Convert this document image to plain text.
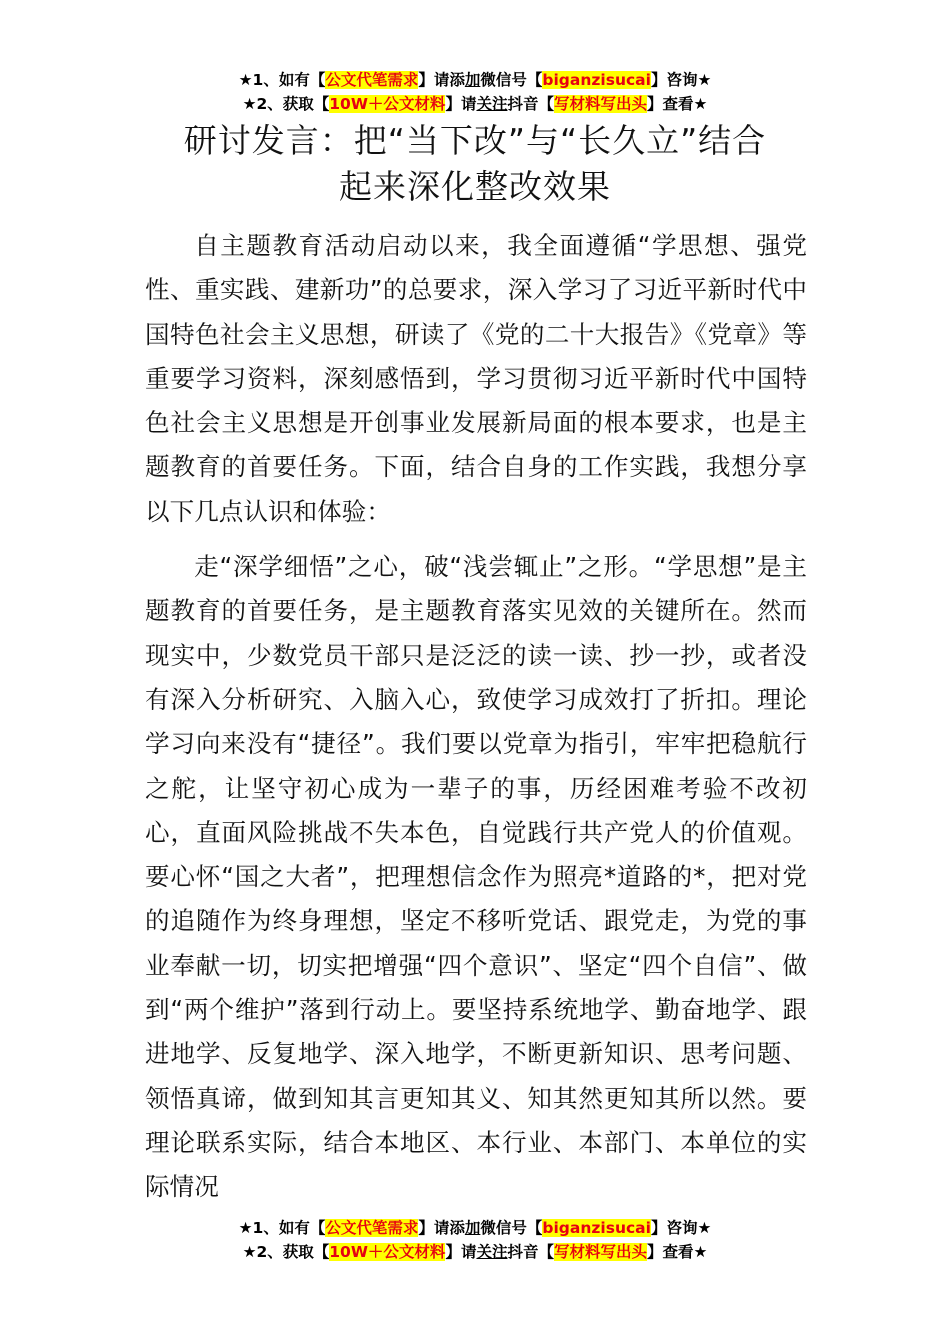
★1、如有【公文代笔需求】请添加微信号【biganzisucai】咨询★
★2、获取【10W＋公文材料】请关注抖音【写材料写出头】查看★
研讨发言：把“当下改”与“长久立”结合
起来深化整改效果

自主题教育活动启动以来，我全面遵循“学思想、强党性、重实践、建新功”的总要求，深入学习了习近平新时代中国特色社会主义思想，研读了《党的二十大报告》《党章》等重要学习资料，深刻感悟到，学习贯彻习近平新时代中国特色社会主义思想是开创事业发展新局面的根本要求，也是主题教育的首要任务。下面，结合自身的工作实践，我想分享以下几点认识和体验：

走“深学细悟”之心，破“浅尝辄止”之形。“学思想”是主题教育的首要任务，是主题教育落实见效的关键所在。然而现实中，少数党员干部只是泛泛的读一读、抄一抄，或者没有深入分析研究、入脑入心，致使学习成效打了折扣。理论学习向来没有“捷径”。我们要以党章为指引，牢牢把稳航行之舵，让坚守初心成为一辈子的事，历经困难考验不改初心，直面风险挑战不失本色，自觉践行共产党人的价值观。要心怀“国之大者”，把理想信念作为照亮*道路的*，把对党的追随作为终身理想，坚定不移听党话、跟党走，为党的事业奉献一切，切实把增强“四个意识”、坚定“四个自信”、做到“两个维护”落到行动上。要坚持系统地学、勤奋地学、跟进地学、反复地学、深入地学，不断更新知识、思考问题、领悟真谛，做到知其言更知其义、知其然更知其所以然。要理论联系实际，结合本地区、本行业、本部门、本单位的实际情况

★1、如有【公文代笔需求】请添加微信号【biganzisucai】咨询★
★2、获取【10W＋公文材料】请关注抖音【写材料写出头】查看★
